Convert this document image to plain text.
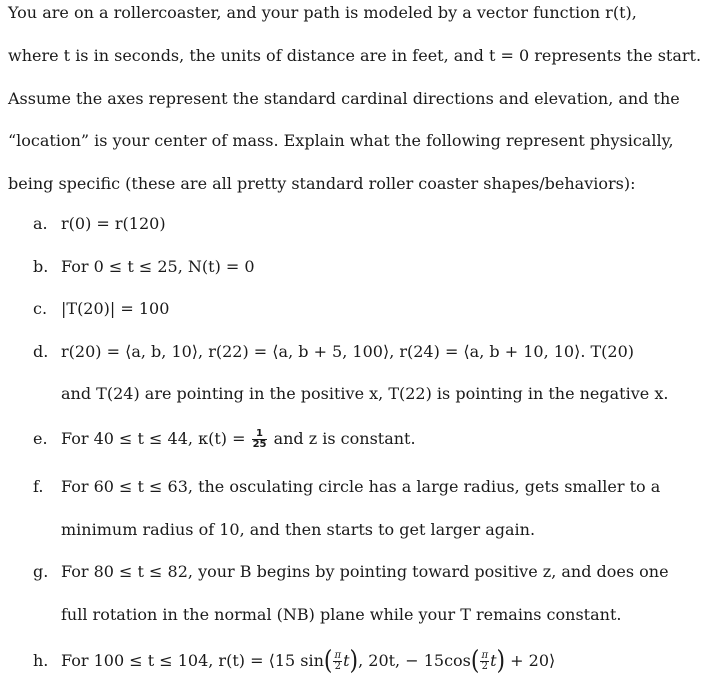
You are on a rollercoaster, and your path is modeled by a vector function r(t),
where t is in seconds, the units of distance are in feet, and t = 0 represents the start.
Assume the axes represent the standard cardinal directions and elevation, and the
“location” is your center of mass. Explain what the following represent physically,
being specific (these are all pretty standard roller coaster shapes/behaviors):
a. r(0) = r(120)
b. For 0 ≤ t ≤ 25, N(t) = 0
c. |T(20)| = 100
d. r(20) = ⟨a, b, 10⟩, r(22) = ⟨a, b + 5, 100⟩, r(24) = ⟨a, b + 10, 10⟩. T(20)
and T(24) are pointing in the positive x, T(22) is pointing in the negative x.
e. For 40 ≤ t ≤ 44, $\kappa(t) = \frac{1}{25}$ and z is constant.
f. For 60 ≤ t ≤ 63, the osculating circle has a large radius, gets smaller to a
minimum radius of 10, and then starts to get larger again.
g. For 80 ≤ t ≤ 82, your B begins by pointing toward positive z, and does one
full rotation in the normal (NB) plane while your T remains constant.
h. For 100 ≤ t ≤ 104, r(t) = ⟨15 $\sin( \frac{\pi}{2} t)$, 20t, − $15\cos( \frac{\pi}{2} t)$ + 20⟩
